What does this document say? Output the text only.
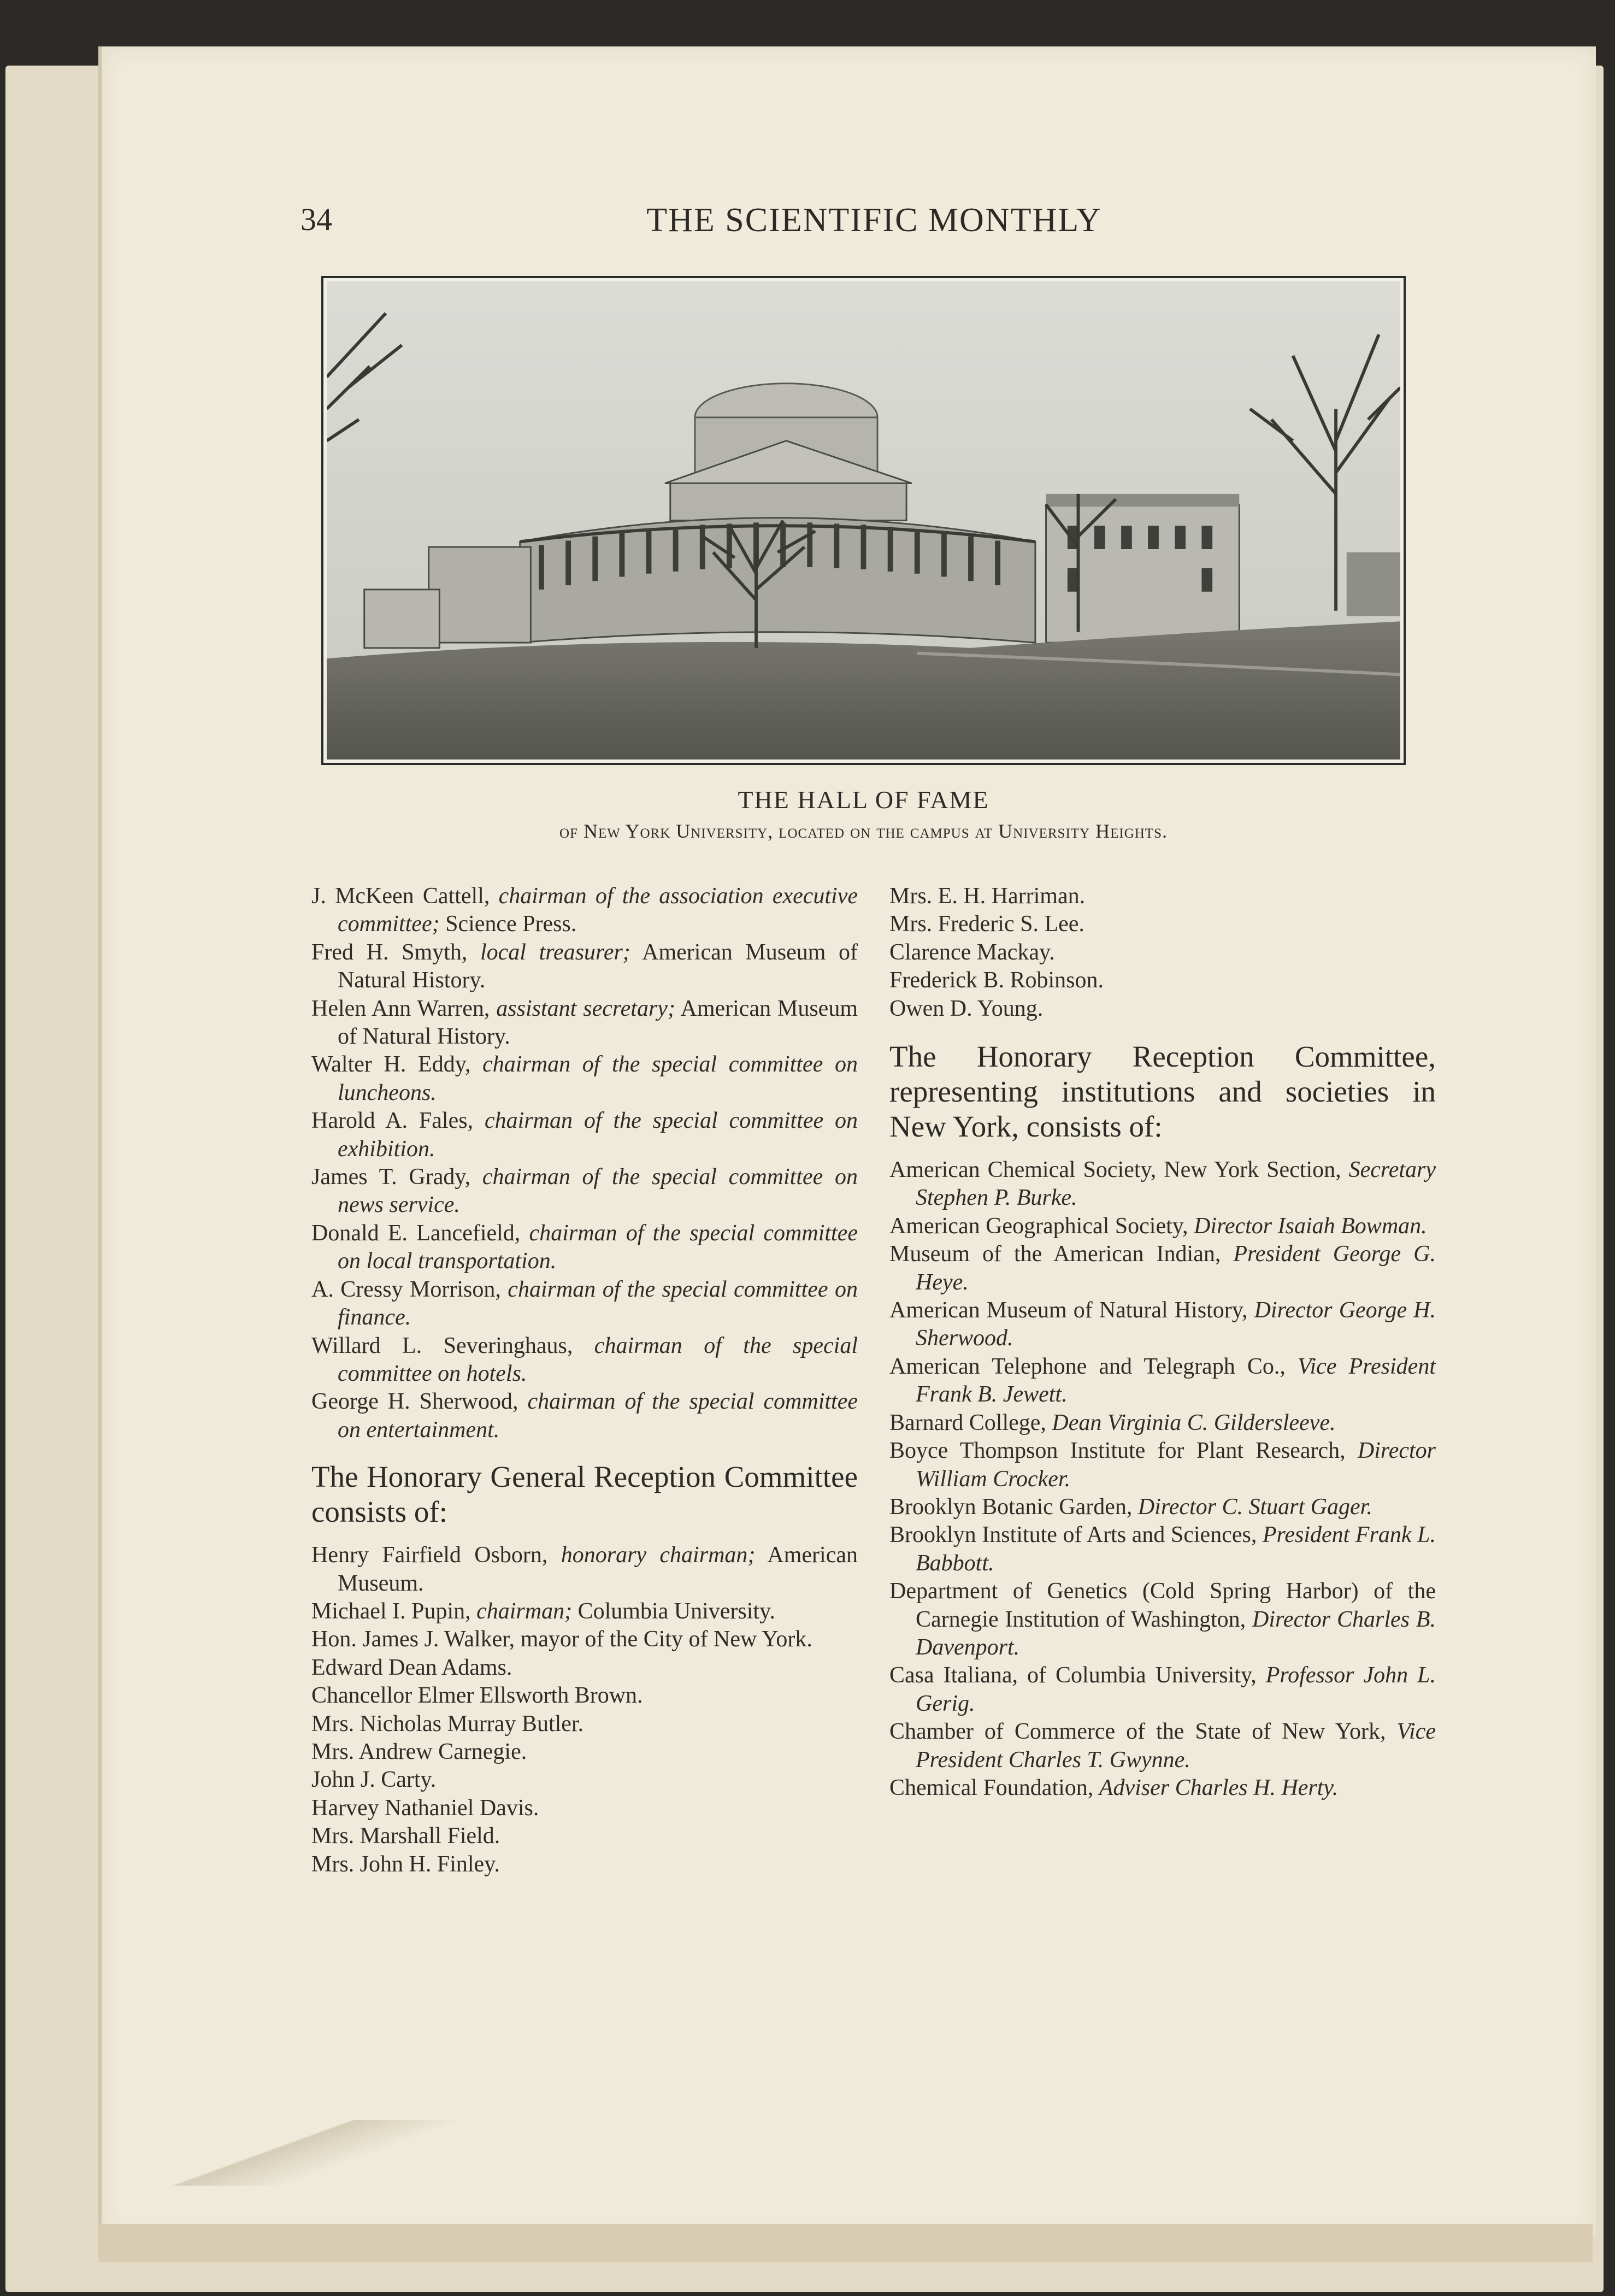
34	THE SCIENTIFIC MONTHLY
THE HALL OF FAME
of New York University, located on the campus at University Heights.
J. McKeen Cattell, chairman of the association executive committee; Science Press.
Fred H. Smyth, local treasurer; American Museum of Natural History.
Helen Ann Warren, assistant secretary; American Museum of Natural History.
Walter H. Eddy, chairman of the special committee on luncheons.
Harold A. Fales, chairman of the special committee on exhibition.
James T. Grady, chairman of the special committee on news service.
Donald E. Lancefield, chairman of the special committee on local transportation.
A. Cressy Morrison, chairman of the special committee on finance.
Willard L. Severinghaus, chairman of the special committee on hotels.
George H. Sherwood, chairman of the special committee on entertainment.
The Honorary General Reception Committee consists of:
Henry Fairfield Osborn, honorary chairman; American Museum.
Michael I. Pupin, chairman; Columbia University.
Hon. James J. Walker, mayor of the City of New York.
Edward Dean Adams.
Chancellor Elmer Ellsworth Brown.
Mrs. Nicholas Murray Butler.
Mrs. Andrew Carnegie.
John J. Carty.
Harvey Nathaniel Davis.
Mrs. Marshall Field.
Mrs. John H. Finley.
Mrs. E. H. Harriman.
Mrs. Frederic S. Lee.
Clarence Mackay.
Frederick B. Robinson.
Owen D. Young.
The Honorary Reception Committee, representing institutions and societies in New York, consists of:
American Chemical Society, New York Section, Secretary Stephen P. Burke.
American Geographical Society, Director Isaiah Bowman.
Museum of the American Indian, President George G. Heye.
American Museum of Natural History, Director George H. Sherwood.
American Telephone and Telegraph Co., Vice President Frank B. Jewett.
Barnard College, Dean Virginia C. Gildersleeve.
Boyce Thompson Institute for Plant Research, Director William Crocker.
Brooklyn Botanic Garden, Director C. Stuart Gager.
Brooklyn Institute of Arts and Sciences, President Frank L. Babbott.
Department of Genetics (Cold Spring Harbor) of the Carnegie Institution of Washington, Director Charles B. Davenport.
Casa Italiana, of Columbia University, Professor John L. Gerig.
Chamber of Commerce of the State of New York, Vice President Charles T. Gwynne.
Chemical Foundation, Adviser Charles H. Herty.
